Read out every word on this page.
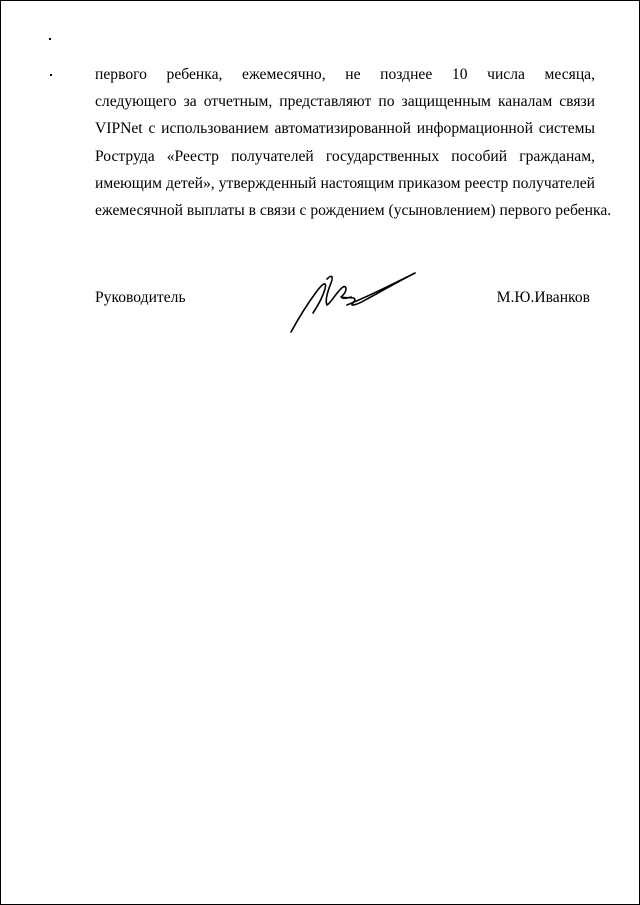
первого ребенка, ежемесячно, не позднее 10 числа месяца,
следующего за отчетным, представляют по защищенным каналам связи
VIPNet с использованием автоматизированной информационной системы
Роструда «Реестр получателей государственных пособий гражданам,
имеющим детей», утвержденный настоящим приказом реестр получателей
ежемесячной выплаты в связи с рождением (усыновлением) первого ребенка.
Руководитель	М.Ю.Иванков
